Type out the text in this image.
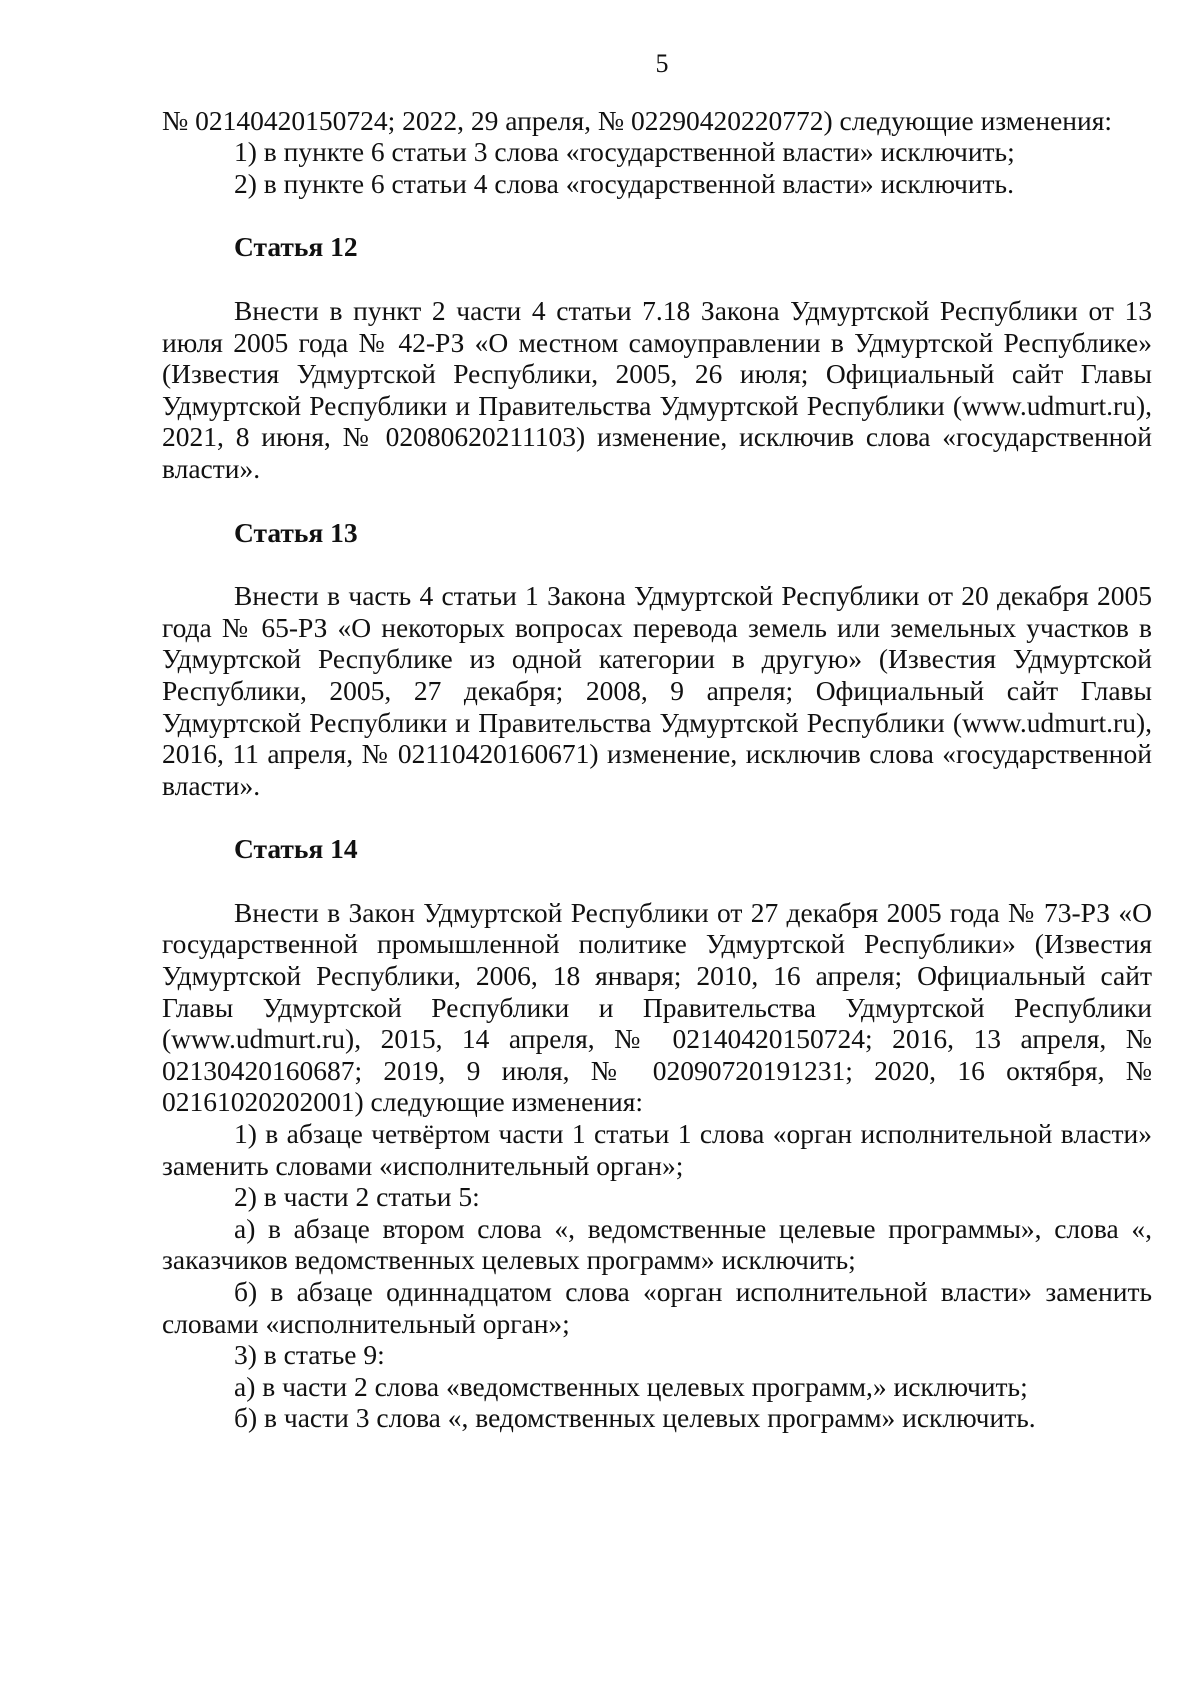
5

№ 02140420150724; 2022, 29 апреля, № 02290420220772) следующие изменения:

1) в пункте 6 статьи 3 слова «государственной власти» исключить;

2) в пункте 6 статьи 4 слова «государственной власти» исключить.

Статья 12

Внести в пункт 2 части 4 статьи 7.18 Закона Удмуртской Республики от 13 июля 2005 года № 42-РЗ «О местном самоуправлении в Удмуртской Республике» (Известия Удмуртской Республики, 2005, 26 июля; Официальный сайт Главы Удмуртской Республики и Правительства Удмуртской Республики (www.udmurt.ru), 2021, 8 июня, № 02080620211103) изменение, исключив слова «государственной власти».

Статья 13

Внести в часть 4 статьи 1 Закона Удмуртской Республики от 20 декабря 2005 года № 65-РЗ «О некоторых вопросах перевода земель или земельных участков в Удмуртской Республике из одной категории в другую» (Известия Удмуртской Республики, 2005, 27 декабря; 2008, 9 апреля; Официальный сайт Главы Удмуртской Республики и Правительства Удмуртской Республики (www.udmurt.ru), 2016, 11 апреля, № 02110420160671) изменение, исключив слова «государственной власти».

Статья 14

Внести в Закон Удмуртской Республики от 27 декабря 2005 года № 73-РЗ «О государственной промышленной политике Удмуртской Республики» (Известия Удмуртской Республики, 2006, 18 января; 2010, 16 апреля; Официальный сайт Главы Удмуртской Республики и Правительства Удмуртской Республики (www.udmurt.ru), 2015, 14 апреля, № 02140420150724; 2016, 13 апреля, № 02130420160687; 2019, 9 июля, № 02090720191231; 2020, 16 октября, № 02161020202001) следующие изменения:

1) в абзаце четвёртом части 1 статьи 1 слова «орган исполнительной власти» заменить словами «исполнительный орган»;

2) в части 2 статьи 5:

а) в абзаце втором слова «, ведомственные целевые программы», слова «, заказчиков ведомственных целевых программ» исключить;

б) в абзаце одиннадцатом слова «орган исполнительной власти» заменить словами «исполнительный орган»;

3) в статье 9:

а) в части 2 слова «ведомственных целевых программ,» исключить;

б) в части 3 слова «, ведомственных целевых программ» исключить.
